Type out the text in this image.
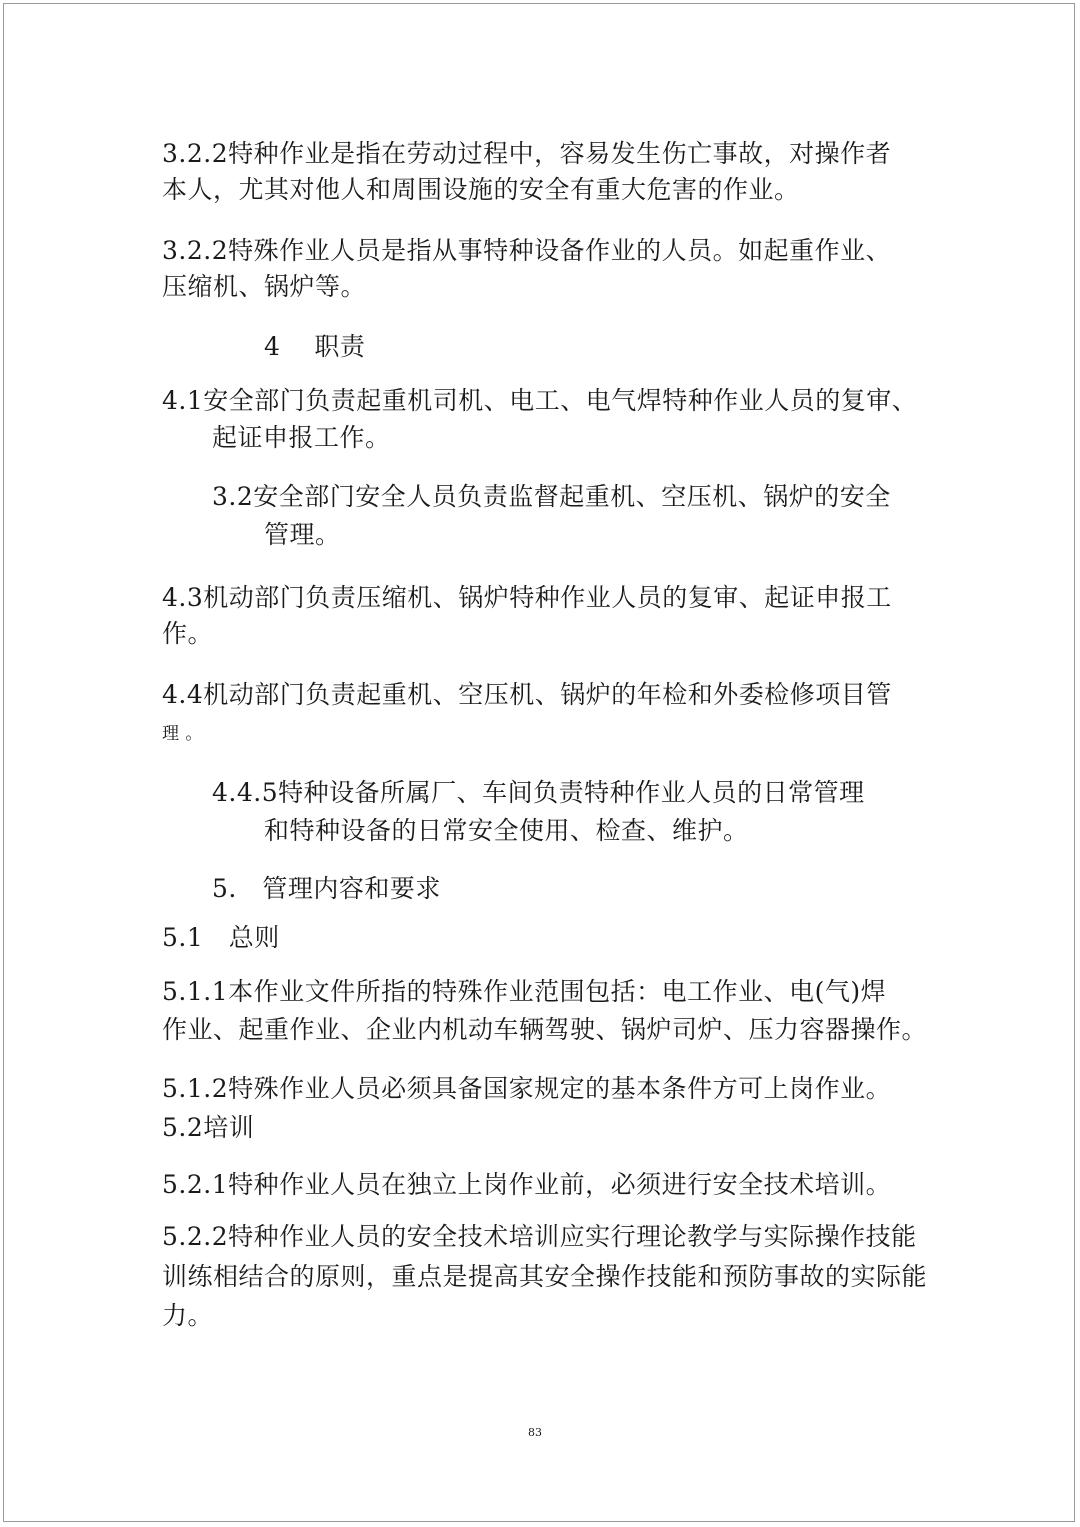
3.2.2特种作业是指在劳动过程中，容易发生伤亡事故，对操作者
本人，尤其对他人和周围设施的安全有重大危害的作业。
3.2.2特殊作业人员是指从事特种设备作业的人员。如起重作业、
压缩机、锅炉等。
4　 职责
4.1安全部门负责起重机司机、电工、电气焊特种作业人员的复审、
起证申报工作。
3.2安全部门安全人员负责监督起重机、空压机、锅炉的安全
管理。
4.3机动部门负责压缩机、锅炉特种作业人员的复审、起证申报工
作。
4.4机动部门负责起重机、空压机、锅炉的年检和外委检修项目管
理 。
4.4.5特种设备所属厂、车间负责特种作业人员的日常管理
和特种设备的日常安全使用、检查、维护。
5.　管理内容和要求
5.1　总则
5.1.1本作业文件所指的特殊作业范围包括：电工作业、电(气)焊
作业、起重作业、企业内机动车辆驾驶、锅炉司炉、压力容器操作。
5.1.2特殊作业人员必须具备国家规定的基本条件方可上岗作业。
5.2培训
5.2.1特种作业人员在独立上岗作业前，必须进行安全技术培训。
5.2.2特种作业人员的安全技术培训应实行理论教学与实际操作技能
训练相结合的原则，重点是提高其安全操作技能和预防事故的实际能
力。
83
